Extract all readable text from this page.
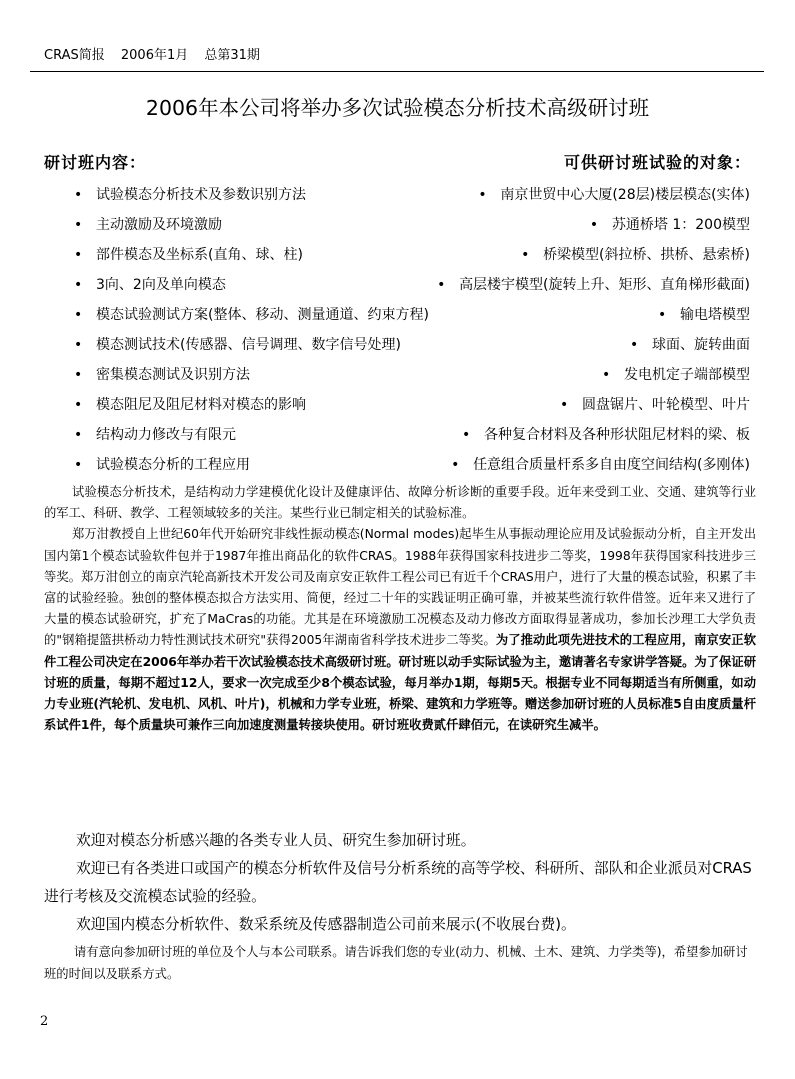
CRAS简报 2006年1月 总第31期
2006年本公司将举办多次试验模态分析技术高级研讨班
研讨班内容：	可供研讨班试验的对象：
• 试验模态分析技术及参数识别方法
• 主动激励及环境激励
• 部件模态及坐标系(直角、球、柱)
• 3向、2向及单向模态
• 模态试验测试方案(整体、移动、测量通道、约束方程)
• 模态测试技术(传感器、信号调理、数字信号处理)
• 密集模态测试及识别方法
• 模态阻尼及阻尼材料对模态的影响
• 结构动力修改与有限元
• 试验模态分析的工程应用
• 南京世贸中心大厦(28层)楼层模态(实体)
• 苏通桥塔 1：200模型
• 桥梁模型(斜拉桥、拱桥、悬索桥)
• 高层楼宇模型(旋转上升、矩形、直角梯形截面)
• 输电塔模型
• 球面、旋转曲面
• 发电机定子端部模型
• 圆盘锯片、叶轮模型、叶片
• 各种复合材料及各种形状阻尼材料的梁、板
• 任意组合质量杆系多自由度空间结构(多刚体)

试验模态分析技术，是结构动力学建模优化设计及健康评估、故障分析诊断的重要手段。近年来受到工业、交通、建筑等行业的军工、科研、教学、工程领域较多的关注。某些行业已制定相关的试验标准。

郑万泔教授自上世纪60年代开始研究非线性振动模态(Normal modes)起毕生从事振动理论应用及试验振动分析，自主开发出国内第1个模态试验软件包并于1987年推出商品化的软件CRAS。1988年获得国家科技进步二等奖，1998年获得国家科技进步三等奖。郑万泔创立的南京汽轮高新技术开发公司及南京安正软件工程公司已有近千个CRAS用户，进行了大量的模态试验，积累了丰富的试验经验。独创的整体模态拟合方法实用、简便，经过二十年的实践证明正确可靠，并被某些流行软件借签。近年来又进行了大量的模态试验研究，扩充了MaCras的功能。尤其是在环境激励工况模态及动力修改方面取得显著成功，参加长沙理工大学负责的"钢箱提篮拱桥动力特性测试技术研究"获得2005年湖南省科学技术进步二等奖。为了推动此项先进技术的工程应用，南京安正软件工程公司决定在2006年举办若干次试验模态技术高级研讨班。研讨班以动手实际试验为主，邀请著名专家讲学答疑。为了保证研讨班的质量，每期不超过12人，要求一次完成至少8个模态试验，每月举办1期，每期5天。根据专业不同每期适当有所侧重，如动力专业班(汽轮机、发电机、风机、叶片)，机械和力学专业班，桥梁、建筑和力学班等。赠送参加研讨班的人员标准5自由度质量杆系试件1件，每个质量块可兼作三向加速度测量转接块使用。研讨班收费贰仟肆佰元，在读研究生减半。

欢迎对模态分析感兴趣的各类专业人员、研究生参加研讨班。

欢迎已有各类进口或国产的模态分析软件及信号分析系统的高等学校、科研所、部队和企业派员对CRAS进行考核及交流模态试验的经验。

欢迎国内模态分析软件、数采系统及传感器制造公司前来展示(不收展台费)。

请有意向参加研讨班的单位及个人与本公司联系。请告诉我们您的专业(动力、机械、土木、建筑、力学类等)，希望参加研讨班的时间以及联系方式。

2
